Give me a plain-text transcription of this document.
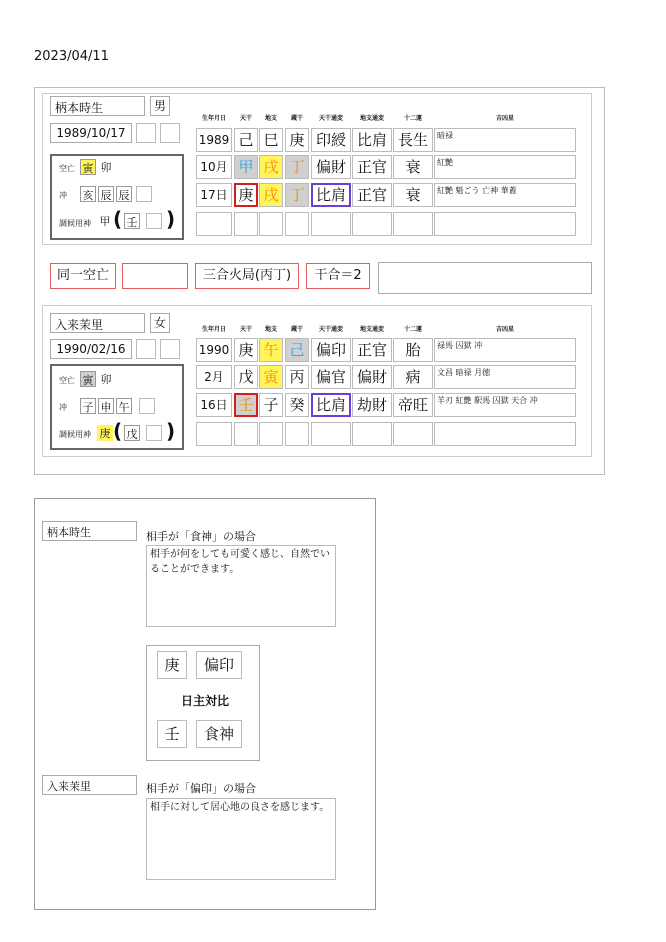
2023/04/11
柄本時生	男
1989/10/17
空亡 寅 卯
冲 亥 辰 辰
調候用神 甲 ( 壬 )
生年月日	天干	地支	蔵干	天干通変	地支通変	十二運	吉凶星
1989 己 巳 庚 印綬 比肩 長生	暗禄
10月 甲 戌 丁 偏財 正官	衰	紅艶
17日 庚 戌 丁 比肩 正官	衰	紅艶 魁ごう 亡神 華蓋
同一空亡	三合火局(丙丁)	干合＝2
入来茉里	女
1990/02/16
空亡 寅 卯
冲 子 申 午
調候用神 庚 ( 戊 )
生年月日	天干	地支	蔵干	天干通変	地支通変	十二運	吉凶星
1990 庚 午 己 偏印 正官	胎	禄馬 囚獄 冲
2月 戊 寅 丙 偏官 偏財	病	文昌 暗禄 月徳
16日 壬 子 癸 比肩 劫財 帝旺	羊刃 紅艶 駅馬 囚獄 天合 冲
柄本時生	相手が「食神」の場合
相手が何をしても可愛く感じ、自然でいることができます。
庚	偏印
日主対比
壬	食神
入来茉里	相手が「偏印」の場合
相手に対して居心地の良さを感じます。
